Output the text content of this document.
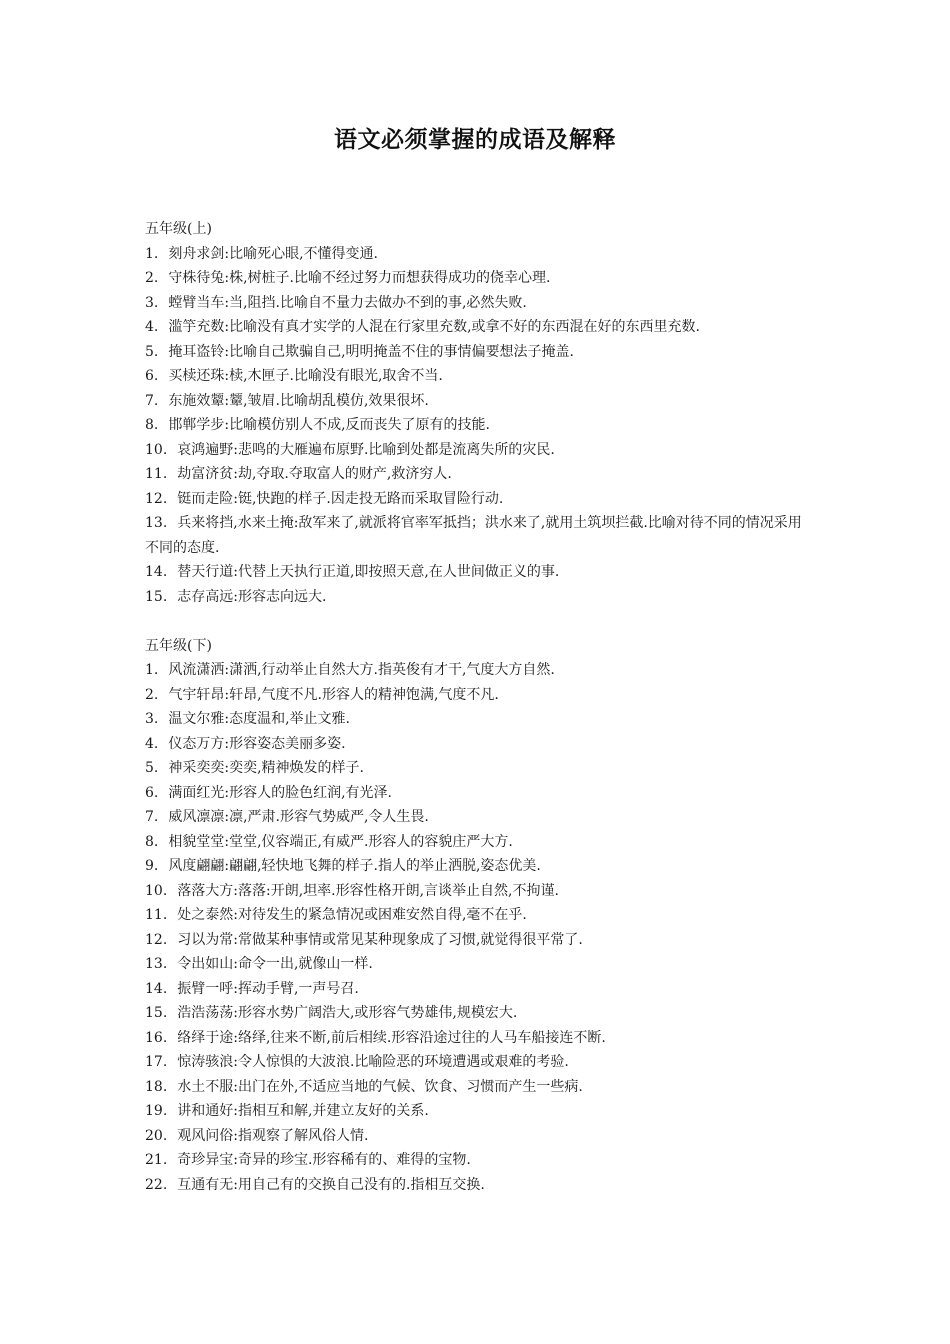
语文必须掌握的成语及解释
五年级(上)
1. 刻舟求剑:比喻死心眼,不懂得变通.
2. 守株待兔:株,树桩子.比喻不经过努力而想获得成功的侥幸心理.
3. 螳臂当车:当,阻挡.比喻自不量力去做办不到的事,必然失败.
4. 滥竽充数:比喻没有真才实学的人混在行家里充数,或拿不好的东西混在好的东西里充数.
5. 掩耳盗铃:比喻自己欺骗自己,明明掩盖不住的事情偏要想法子掩盖.
6. 买椟还珠:椟,木匣子.比喻没有眼光,取舍不当.
7. 东施效颦:颦,皱眉.比喻胡乱模仿,效果很坏.
8. 邯郸学步:比喻模仿别人不成,反而丧失了原有的技能.
10. 哀鸿遍野:悲鸣的大雁遍布原野.比喻到处都是流离失所的灾民.
11. 劫富济贫:劫,夺取.夺取富人的财产,救济穷人.
12. 铤而走险:铤,快跑的样子.因走投无路而采取冒险行动.
13. 兵来将挡,水来土掩:敌军来了,就派将官率军抵挡；洪水来了,就用土筑坝拦截.比喻对待不同的情况采用不同的态度.
14. 替天行道:代替上天执行正道,即按照天意,在人世间做正义的事.
15. 志存高远:形容志向远大.
五年级(下)
1. 风流潇洒:潇洒,行动举止自然大方.指英俊有才干,气度大方自然.
2. 气宇轩昂:轩昂,气度不凡.形容人的精神饱满,气度不凡.
3. 温文尔雅:态度温和,举止文雅.
4. 仪态万方:形容姿态美丽多姿.
5. 神采奕奕:奕奕,精神焕发的样子.
6. 满面红光:形容人的脸色红润,有光泽.
7. 威风凛凛:凛,严肃.形容气势威严,令人生畏.
8. 相貌堂堂:堂堂,仪容端正,有威严.形容人的容貌庄严大方.
9. 风度翩翩:翩翩,轻快地飞舞的样子.指人的举止洒脱,姿态优美.
10. 落落大方:落落:开朗,坦率.形容性格开朗,言谈举止自然,不拘谨.
11. 处之泰然:对待发生的紧急情况或困难安然自得,毫不在乎.
12. 习以为常:常做某种事情或常见某种现象成了习惯,就觉得很平常了.
13. 令出如山:命令一出,就像山一样.
14. 振臂一呼:挥动手臂,一声号召.
15. 浩浩荡荡:形容水势广阔浩大,或形容气势雄伟,规模宏大.
16. 络绎于途:络绎,往来不断,前后相续.形容沿途过往的人马车船接连不断.
17. 惊涛骇浪:令人惊惧的大波浪.比喻险恶的环境遭遇或艰难的考验.
18. 水土不服:出门在外,不适应当地的气候、饮食、习惯而产生一些病.
19. 讲和通好:指相互和解,并建立友好的关系.
20. 观风问俗:指观察了解风俗人情.
21. 奇珍异宝:奇异的珍宝.形容稀有的、难得的宝物.
22. 互通有无:用自己有的交换自己没有的.指相互交换.
